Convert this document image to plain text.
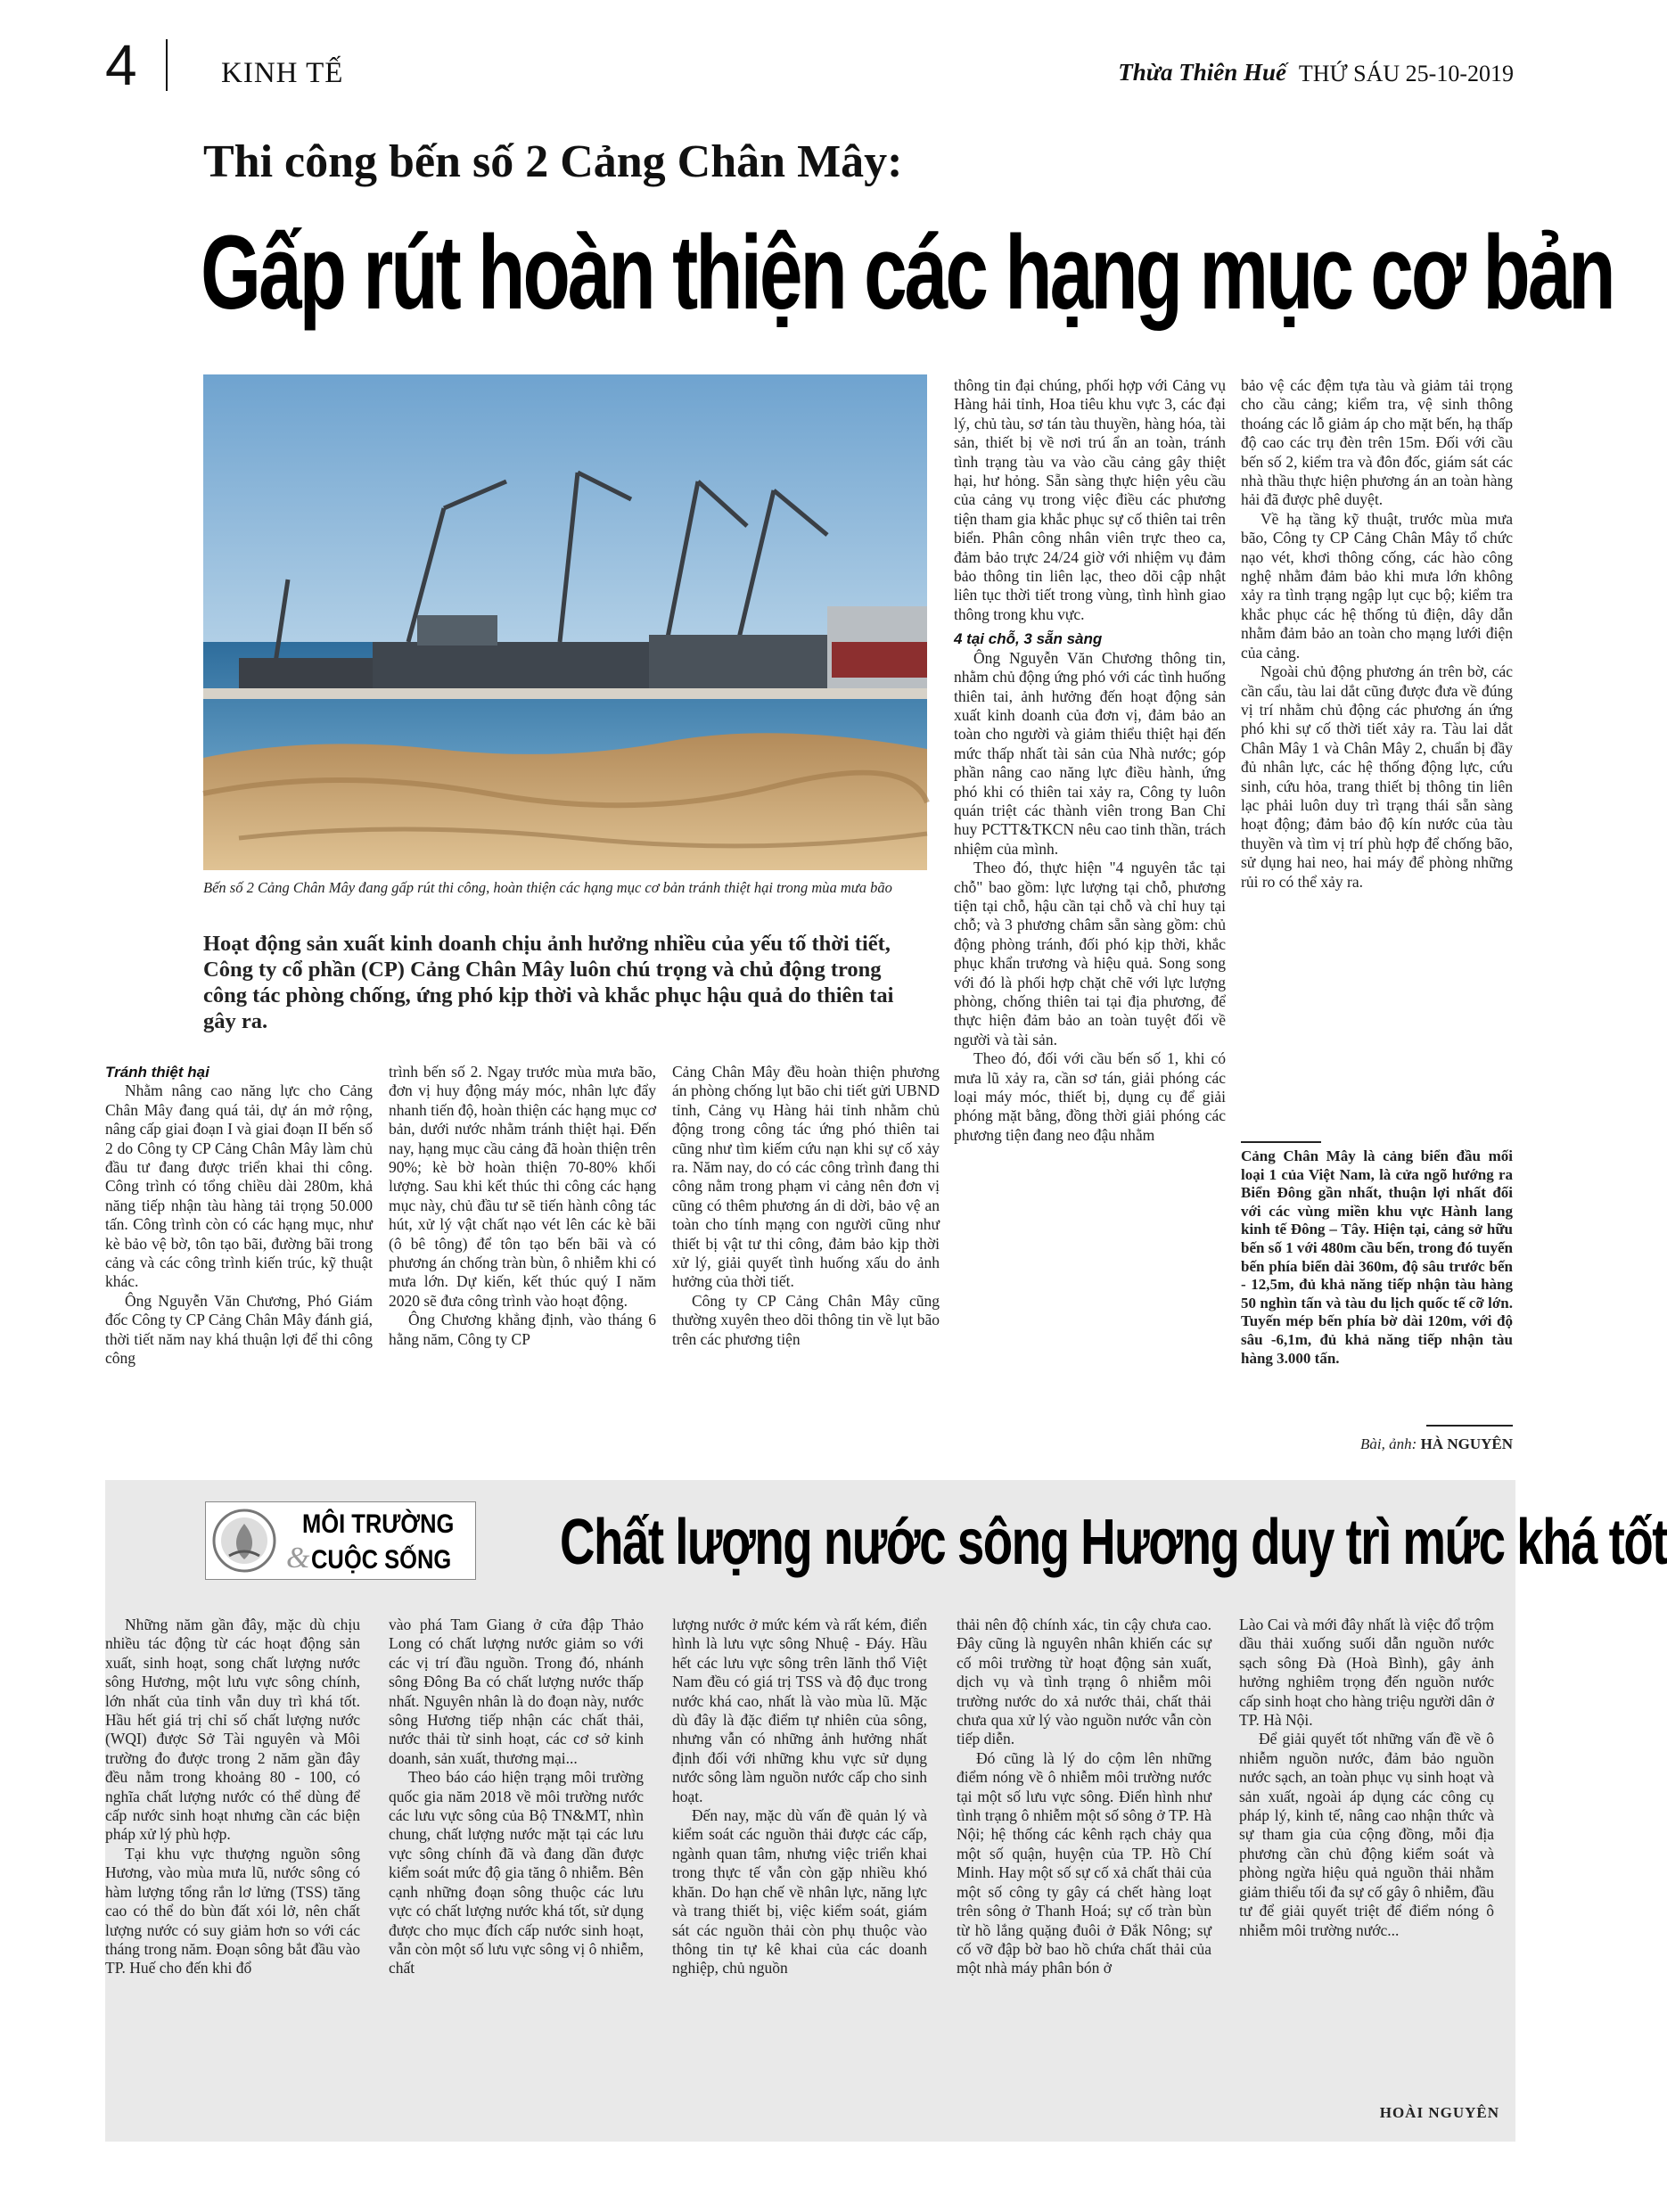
4	KINH TẾ	Thừa Thiên Huế THỨ SÁU 25-10-2019
Thi công bến số 2 Cảng Chân Mây:
Gấp rút hoàn thiện các hạng mục cơ bản
Bến số 2 Cảng Chân Mây đang gấp rút thi công, hoàn thiện các hạng mục cơ bản tránh thiệt hại trong mùa mưa bão
Hoạt động sản xuất kinh doanh chịu ảnh hưởng nhiều của yếu tố thời tiết, Công ty cổ phần (CP) Cảng Chân Mây luôn chú trọng và chủ động trong công tác phòng chống, ứng phó kịp thời và khắc phục hậu quả do thiên tai gây ra.

Tránh thiệt hại

Nhằm nâng cao năng lực cho Cảng Chân Mây đang quá tải, dự án mở rộng, nâng cấp giai đoạn I và giai đoạn II bến số 2 do Công ty CP Cảng Chân Mây làm chủ đầu tư đang được triển khai thi công. Công trình có tổng chiều dài 280m, khả năng tiếp nhận tàu hàng tải trọng 50.000 tấn. Công trình còn có các hạng mục, như kè bảo vệ bờ, tôn tạo bãi, đường bãi trong cảng và các công trình kiến trúc, kỹ thuật khác.

Ông Nguyễn Văn Chương, Phó Giám đốc Công ty CP Cảng Chân Mây đánh giá, thời tiết năm nay khá thuận lợi để thi công công

trình bến số 2. Ngay trước mùa mưa bão, đơn vị huy động máy móc, nhân lực đẩy nhanh tiến độ, hoàn thiện các hạng mục cơ bản, dưới nước nhằm tránh thiệt hại. Đến nay, hạng mục cầu cảng đã hoàn thiện trên 90%; kè bờ hoàn thiện 70-80% khối lượng. Sau khi kết thúc thi công các hạng mục này, chủ đầu tư sẽ tiến hành công tác hút, xử lý vật chất nạo vét lên các kè bãi (ô bê tông) để tôn tạo bến bãi và có phương án chống tràn bùn, ô nhiễm khi có mưa lớn. Dự kiến, kết thúc quý I năm 2020 sẽ đưa công trình vào hoạt động.

Ông Chương khẳng định, vào tháng 6 hằng năm, Công ty CP

Cảng Chân Mây đều hoàn thiện phương án phòng chống lụt bão chi tiết gửi UBND tỉnh, Cảng vụ Hàng hải tỉnh nhằm chủ động trong công tác ứng phó thiên tai cũng như tìm kiếm cứu nạn khi sự cố xảy ra. Năm nay, do có các công trình đang thi công nằm trong phạm vi cảng nên đơn vị cũng có thêm phương án di dời, bảo vệ an toàn cho tính mạng con người cũng như thiết bị vật tư thi công, đảm bảo kịp thời xử lý, giải quyết tình huống xấu do ảnh hưởng của thời tiết.

Công ty CP Cảng Chân Mây cũng thường xuyên theo dõi thông tin về lụt bão trên các phương tiện

thông tin đại chúng, phối hợp với Cảng vụ Hàng hải tỉnh, Hoa tiêu khu vực 3, các đại lý, chủ tàu, sơ tán tàu thuyền, hàng hóa, tài sản, thiết bị về nơi trú ẩn an toàn, tránh tình trạng tàu va vào cầu cảng gây thiệt hại, hư hỏng. Sẵn sàng thực hiện yêu cầu của cảng vụ trong việc điều các phương tiện tham gia khắc phục sự cố thiên tai trên biển. Phân công nhân viên trực theo ca, đảm bảo trực 24/24 giờ với nhiệm vụ đảm bảo thông tin liên lạc, theo dõi cập nhật liên tục thời tiết trong vùng, tình hình giao thông trong khu vực.

4 tại chỗ, 3 sẵn sàng

Ông Nguyễn Văn Chương thông tin, nhằm chủ động ứng phó với các tình huống thiên tai, ảnh hưởng đến hoạt động sản xuất kinh doanh của đơn vị, đảm bảo an toàn cho người và giảm thiểu thiệt hại đến mức thấp nhất tài sản của Nhà nước; góp phần nâng cao năng lực điều hành, ứng phó khi có thiên tai xảy ra, Công ty luôn quán triệt các thành viên trong Ban Chỉ huy PCTT&TKCN nêu cao tinh thần, trách nhiệm của mình.

Theo đó, thực hiện "4 nguyên tắc tại chỗ" bao gồm: lực lượng tại chỗ, phương tiện tại chỗ, hậu cần tại chỗ và chỉ huy tại chỗ; và 3 phương châm sẵn sàng gồm: chủ động phòng tránh, đối phó kịp thời, khắc phục khẩn trương và hiệu quả. Song song với đó là phối hợp chặt chẽ với lực lượng phòng, chống thiên tai tại địa phương, để thực hiện đảm bảo an toàn tuyệt đối về người và tài sản.

Theo đó, đối với cầu bến số 1, khi có mưa lũ xảy ra, cần sơ tán, giải phóng các loại máy móc, thiết bị, dụng cụ để giải phóng mặt bằng, đồng thời giải phóng các phương tiện đang neo đậu nhằm

bảo vệ các đệm tựa tàu và giảm tải trọng cho cầu cảng; kiểm tra, vệ sinh thông thoáng các lỗ giảm áp cho mặt bến, hạ thấp độ cao các trụ đèn trên 15m. Đối với cầu bến số 2, kiểm tra và đôn đốc, giám sát các nhà thầu thực hiện phương án an toàn hàng hải đã được phê duyệt.

Về hạ tầng kỹ thuật, trước mùa mưa bão, Công ty CP Cảng Chân Mây tổ chức nạo vét, khơi thông cống, các hào công nghệ nhằm đảm bảo khi mưa lớn không xảy ra tình trạng ngập lụt cục bộ; kiểm tra khắc phục các hệ thống tủ điện, dây dẫn nhằm đảm bảo an toàn cho mạng lưới điện của cảng.

Ngoài chủ động phương án trên bờ, các cần cẩu, tàu lai dắt cũng được đưa về đúng vị trí nhằm chủ động các phương án ứng phó khi sự cố thời tiết xảy ra. Tàu lai dắt Chân Mây 1 và Chân Mây 2, chuẩn bị đầy đủ nhân lực, các hệ thống động lực, cứu sinh, cứu hỏa, trang thiết bị thông tin liên lạc phải luôn duy trì trạng thái sẵn sàng hoạt động; đảm bảo độ kín nước của tàu thuyền và tìm vị trí phù hợp để chống bão, sử dụng hai neo, hai máy để phòng những rủi ro có thể xảy ra.

Cảng Chân Mây là cảng biển đầu mối loại 1 của Việt Nam, là cửa ngõ hướng ra Biển Đông gần nhất, thuận lợi nhất đối với các vùng miền khu vực Hành lang kinh tế Đông – Tây. Hiện tại, cảng sở hữu bến số 1 với 480m cầu bến, trong đó tuyến bến phía biển dài 360m, độ sâu trước bến - 12,5m, đủ khả năng tiếp nhận tàu hàng 50 nghìn tấn và tàu du lịch quốc tế cỡ lớn. Tuyến mép bến phía bờ dài 120m, với độ sâu -6,1m, đủ khả năng tiếp nhận tàu hàng 3.000 tấn.
Bài, ảnh: HÀ NGUYÊN
MÔI TRƯỜNG
& CUỘC SỐNG Chất lượng nước sông Hương duy trì mức khá tốt

Những năm gần đây, mặc dù chịu nhiều tác động từ các hoạt động sản xuất, sinh hoạt, song chất lượng nước sông Hương, một lưu vực sông chính, lớn nhất của tỉnh vẫn duy trì khá tốt. Hầu hết giá trị chỉ số chất lượng nước (WQI) được Sở Tài nguyên và Môi trường đo được trong 2 năm gần đây đều nằm trong khoảng 80 - 100, có nghĩa chất lượng nước có thể dùng để cấp nước sinh hoạt nhưng cần các biện pháp xử lý phù hợp.

Tại khu vực thượng nguồn sông Hương, vào mùa mưa lũ, nước sông có hàm lượng tổng rắn lơ lửng (TSS) tăng cao có thể do bùn đất xói lở, nên chất lượng nước có suy giảm hơn so với các tháng trong năm. Đoạn sông bắt đầu vào TP. Huế cho đến khi đổ

vào phá Tam Giang ở cửa đập Thảo Long có chất lượng nước giảm so với các vị trí đầu nguồn. Trong đó, nhánh sông Đông Ba có chất lượng nước thấp nhất. Nguyên nhân là do đoạn này, nước sông Hương tiếp nhận các chất thải, nước thải từ sinh hoạt, các cơ sở kinh doanh, sản xuất, thương mại...

Theo báo cáo hiện trạng môi trường quốc gia năm 2018 về môi trường nước các lưu vực sông của Bộ TN&MT, nhìn chung, chất lượng nước mặt tại các lưu vực sông chính đã và đang dần được kiểm soát mức độ gia tăng ô nhiễm. Bên cạnh những đoạn sông thuộc các lưu vực có chất lượng nước khá tốt, sử dụng được cho mục đích cấp nước sinh hoạt, vẫn còn một số lưu vực sông vị ô nhiễm, chất

lượng nước ở mức kém và rất kém, điển hình là lưu vực sông Nhuệ - Đáy. Hầu hết các lưu vực sông trên lãnh thổ Việt Nam đều có giá trị TSS và độ đục trong nước khá cao, nhất là vào mùa lũ. Mặc dù đây là đặc điểm tự nhiên của sông, nhưng vẫn có những ảnh hưởng nhất định đối với những khu vực sử dụng nước sông làm nguồn nước cấp cho sinh hoạt.

Đến nay, mặc dù vấn đề quản lý và kiểm soát các nguồn thải được các cấp, ngành quan tâm, nhưng việc triển khai trong thực tế vẫn còn gặp nhiều khó khăn. Do hạn chế về nhân lực, năng lực và trang thiết bị, việc kiểm soát, giám sát các nguồn thải còn phụ thuộc vào thông tin tự kê khai của các doanh nghiệp, chủ nguồn

thải nên độ chính xác, tin cậy chưa cao. Đây cũng là nguyên nhân khiến các sự cố môi trường từ hoạt động sản xuất, dịch vụ và tình trạng ô nhiễm môi trường nước do xả nước thải, chất thải chưa qua xử lý vào nguồn nước vẫn còn tiếp diễn.

Đó cũng là lý do cộm lên những điểm nóng về ô nhiễm môi trường nước tại một số lưu vực sông. Điển hình như tình trạng ô nhiễm một số sông ở TP. Hà Nội; hệ thống các kênh rạch chảy qua một số quận, huyện của TP. Hồ Chí Minh. Hay một số sự cố xả chất thải của một số công ty gây cá chết hàng loạt trên sông ở Thanh Hoá; sự cố tràn bùn từ hồ lắng quặng đuôi ở Đắk Nông; sự cố vỡ đập bờ bao hồ chứa chất thải của một nhà máy phân bón ở

Lào Cai và mới đây nhất là việc đổ trộm dầu thải xuống suối dẫn nguồn nước sạch sông Đà (Hoà Bình), gây ảnh hưởng nghiêm trọng đến nguồn nước cấp sinh hoạt cho hàng triệu người dân ở TP. Hà Nội.

Để giải quyết tốt những vấn đề về ô nhiễm nguồn nước, đảm bảo nguồn nước sạch, an toàn phục vụ sinh hoạt và sản xuất, ngoài áp dụng các công cụ pháp lý, kinh tế, nâng cao nhận thức và sự tham gia của cộng đồng, mỗi địa phương cần chủ động kiểm soát và phòng ngừa hiệu quả nguồn thải nhằm giảm thiểu tối đa sự cố gây ô nhiễm, đầu tư để giải quyết triệt để điểm nóng ô nhiễm môi trường nước...

HOÀI NGUYÊN
